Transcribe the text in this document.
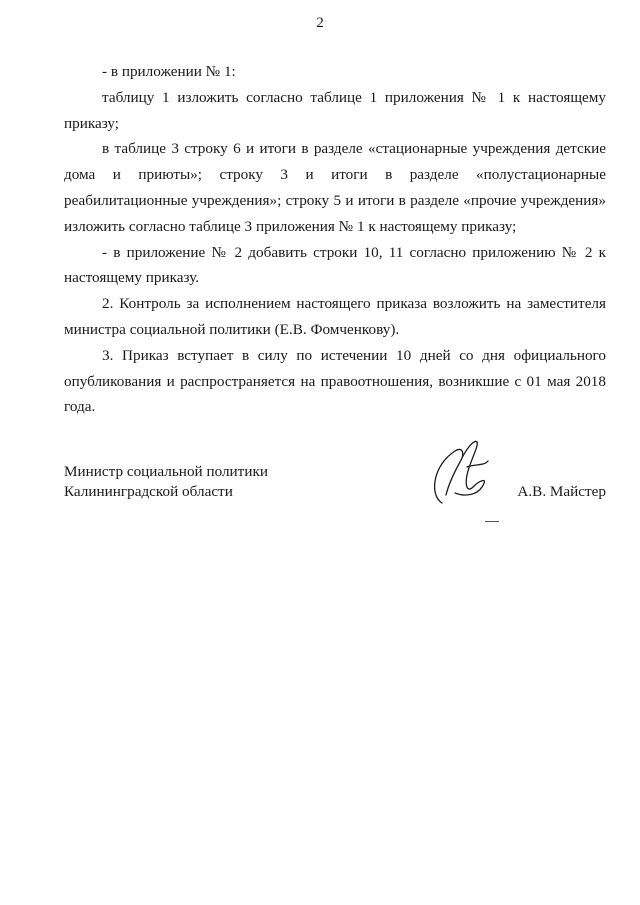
2

- в приложении № 1:

таблицу 1 изложить согласно таблице 1 приложения № 1 к настоящему приказу;

в таблице 3 строку 6 и итоги в разделе «стационарные учреждения детские дома и приюты»; строку 3 и итоги в разделе «полустационарные реабилитационные учреждения»; строку 5 и итоги в разделе «прочие учреждения» изложить согласно таблице 3 приложения № 1 к настоящему приказу;

- в приложение № 2 добавить строки 10, 11 согласно приложению № 2 к настоящему приказу.

2. Контроль за исполнением настоящего приказа возложить на заместителя министра социальной политики (Е.В. Фомченкову).

3. Приказ вступает в силу по истечении 10 дней со дня официального опубликования и распространяется на правоотношения, возникшие с 01 мая 2018 года.

Министр социальной политики
Калининградской области	А.В. Майстер
